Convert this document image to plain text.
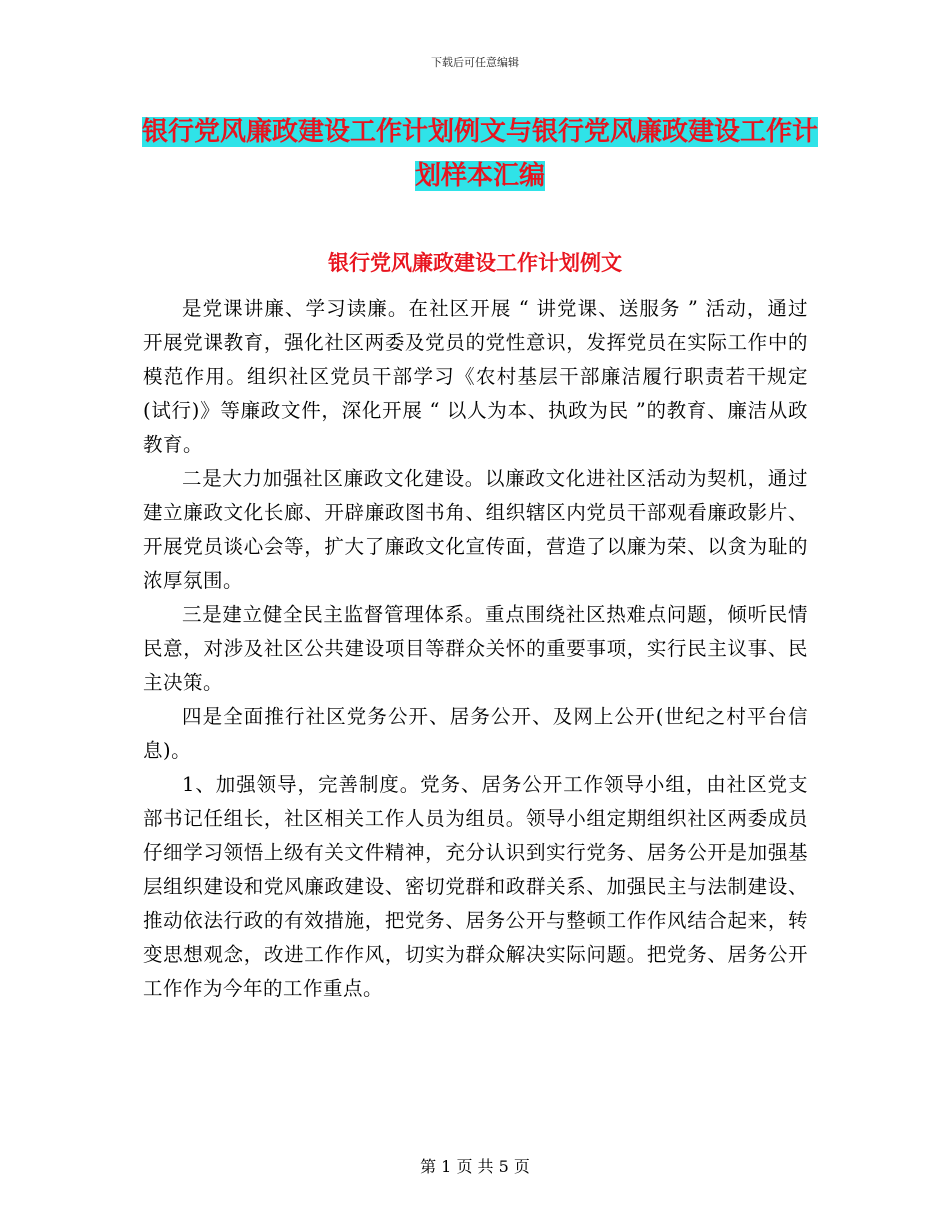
下载后可任意编辑
银行党风廉政建设工作计划例文与银行党风廉政建设工作计划样本汇编
银行党风廉政建设工作计划例文

是党课讲廉、学习读廉。在社区开展 “ 讲党课、送服务 ” 活动，通过开展党课教育，强化社区两委及党员的党性意识，发挥党员在实际工作中的模范作用。组织社区党员干部学习《农村基层干部廉洁履行职责若干规定(试行)》等廉政文件，深化开展 “ 以人为本、执政为民 ”的教育、廉洁从政教育。

二是大力加强社区廉政文化建设。以廉政文化进社区活动为契机，通过建立廉政文化长廊、开辟廉政图书角、组织辖区内党员干部观看廉政影片、开展党员谈心会等，扩大了廉政文化宣传面，营造了以廉为荣、以贪为耻的浓厚氛围。

三是建立健全民主监督管理体系。重点围绕社区热难点问题，倾听民情民意，对涉及社区公共建设项目等群众关怀的重要事项，实行民主议事、民主决策。

四是全面推行社区党务公开、居务公开、及网上公开(世纪之村平台信息)。

1、加强领导，完善制度。党务、居务公开工作领导小组，由社区党支部书记任组长，社区相关工作人员为组员。领导小组定期组织社区两委成员仔细学习领悟上级有关文件精神，充分认识到实行党务、居务公开是加强基层组织建设和党风廉政建设、密切党群和政群关系、加强民主与法制建设、推动依法行政的有效措施，把党务、居务公开与整顿工作作风结合起来，转变思想观念，改进工作作风，切实为群众解决实际问题。把党务、居务公开工作作为今年的工作重点。

第 1 页 共 5 页
